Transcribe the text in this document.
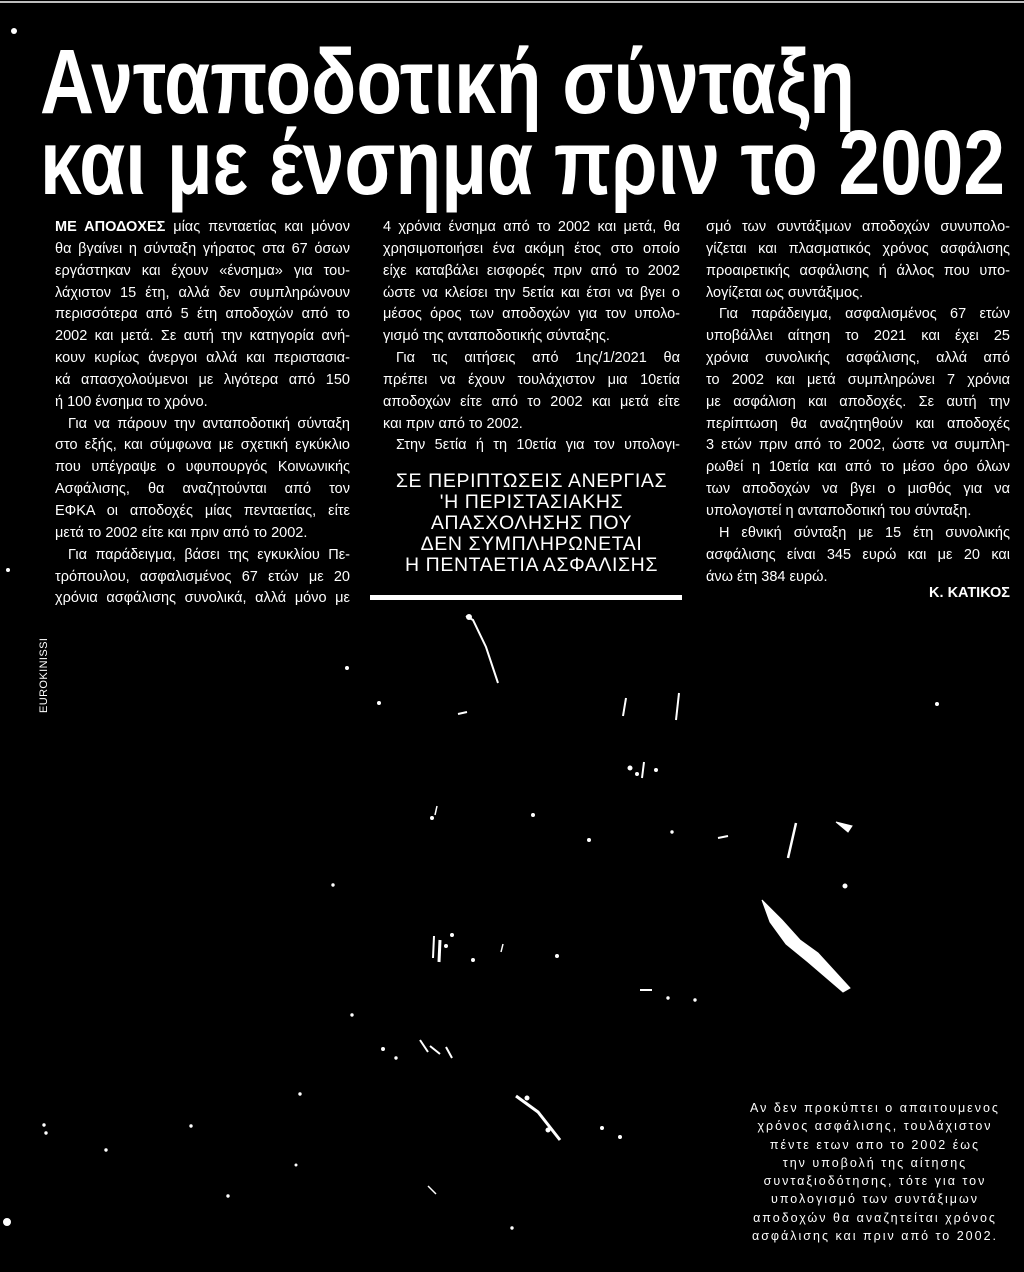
Ανταποδοτική σύνταξη
και με ένσημα πριν το 2002
ΜΕ ΑΠΟΔΟΧΕΣ μίας πενταετίας και μόνον
θα βγαίνει η σύνταξη γήρατος στα 67 όσων
εργάστηκαν και έχουν «ένσημα» για του-
λάχιστον 15 έτη, αλλά δεν συμπληρώνουν
περισσότερα από 5 έτη αποδοχών από το
2002 και μετά. Σε αυτή την κατηγορία ανή-
κουν κυρίως άνεργοι αλλά και περιστασια-
κά απασχολούμενοι με λιγότερα από 150
ή 100 ένσημα το χρόνο.
Για να πάρουν την ανταποδοτική σύνταξη
στο εξής, και σύμφωνα με σχετική εγκύκλιο
που υπέγραψε ο υφυπουργός Κοινωνικής
Ασφάλισης, θα αναζητούνται από τον
ΕΦΚΑ οι αποδοχές μίας πενταετίας, είτε
μετά το 2002 είτε και πριν από το 2002.
Για παράδειγμα, βάσει της εγκυκλίου Πε-
τρόπουλου, ασφαλισμένος 67 ετών με 20
χρόνια ασφάλισης συνολικά, αλλά μόνο με
4 χρόνια ένσημα από το 2002 και μετά, θα
χρησιμοποιήσει ένα ακόμη έτος στο οποίο
είχε καταβάλει εισφορές πριν από το 2002
ώστε να κλείσει την 5ετία και έτσι να βγει ο
μέσος όρος των αποδοχών για τον υπολο-
γισμό της ανταποδοτικής σύνταξης.
Για τις αιτήσεις από 1ης/1/2021 θα
πρέπει να έχουν τουλάχιστον μια 10ετία
αποδοχών είτε από το 2002 και μετά είτε
και πριν από το 2002.
Στην 5ετία ή τη 10ετία για τον υπολογι-
ΣΕ ΠΕΡΙΠΤΩΣΕΙΣ ΑΝΕΡΓΙΑΣ
'Η ΠΕΡΙΣΤΑΣΙΑΚΗΣ
ΑΠΑΣΧΟΛΗΣΗΣ ΠΟΥ
ΔΕΝ ΣΥΜΠΛΗΡΩΝΕΤΑΙ
Η ΠΕΝΤΑΕΤΙΑ ΑΣΦΑΛΙΣΗΣ
σμό των συντάξιμων αποδοχών συνυπολο-
γίζεται και πλασματικός χρόνος ασφάλισης
προαιρετικής ασφάλισης ή άλλος που υπο-
λογίζεται ως συντάξιμος.
Για παράδειγμα, ασφαλισμένος 67 ετών
υποβάλλει αίτηση το 2021 και έχει 25
χρόνια συνολικής ασφάλισης, αλλά από
το 2002 και μετά συμπληρώνει 7 χρόνια
με ασφάλιση και αποδοχές. Σε αυτή την
περίπτωση θα αναζητηθούν και αποδοχές
3 ετών πριν από το 2002, ώστε να συμπλη-
ρωθεί η 10ετία και από το μέσο όρο όλων
των αποδοχών να βγει ο μισθός για να
υπολογιστεί η ανταποδοτική του σύνταξη.
Η εθνική σύνταξη με 15 έτη συνολικής
ασφάλισης είναι 345 ευρώ και με 20 και
άνω έτη 384 ευρώ.
Κ. ΚΑΤΙΚΟΣ
EUROKINISSI
Αν δεν προκύπτει ο απαιτουμενος
χρόνος ασφάλισης, τουλάχιστον
πέντε ετων απο το 2002 έως
την υποβολή της αίτησης
συνταξιοδότησης, τότε για τον
υπολογισμό των συντάξιμων
αποδοχών θα αναζητείται χρόνος
ασφάλισης και πριν από το 2002.
